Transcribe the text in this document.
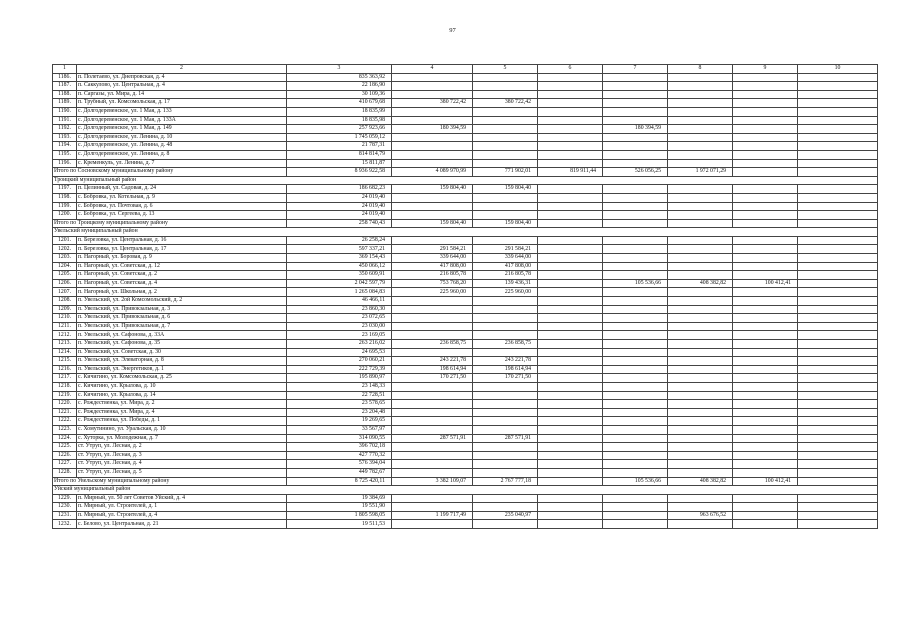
97
1	2	3	4	5	6	7	8	9	10
1186.	п. Полетаево, ул. Днепровская, д. 4	835 363,92							
1187.	п. Саккулово, ул. Центральная, д. 4	22 186,90							
1188.	п. Саргазы, ул. Мира, д. 14	30 109,36							
1189.	п. Трубный, ул. Комсомольская, д. 17	410 679,68	380 722,42	380 722,42					
1190.	с. Долгодеревенское, ул. 1 Мая, д. 133	18 835,99							
1191.	с. Долгодеревенское, ул. 1 Мая, д. 133А	18 835,98							
1192.	с. Долгодеревенское, ул. 1 Мая, д. 149	257 923,66	180 394,59			180 394,59			
1193.	с. Долгодеревенское, ул. Ленина, д. 10	1 745 059,12							
1194.	с. Долгодеревенское, ул. Ленина, д. 48	21 787,31							
1195.	с. Долгодеревенское, ул. Ленина, д. 8	814 814,79							
1196.	с. Кременкуль, ул. Ленина, д. 7	15 811,87							
Итого по Сосновскому муниципальному району		8 936 922,58	4 089 970,99	771 902,01	819 911,44	526 056,25	1 972 071,29		
Троицкий муниципальный район									
1197.	п. Целинный, ул. Садовая, д. 24	186 682,23	159 804,40	159 804,40					
1198.	с. Бобровка, ул. Котельная, д. 9	24 019,40							
1199.	с. Бобровка, ул. Почтовая, д. 6	24 019,40							
1200.	с. Бобровка, ул. Сергеева, д. 13	24 019,40							
Итого по Троицкому муниципальному району		258 740,43	159 804,40	159 804,40					
Увельский муниципальный район									
1201.	п. Березовка, ул. Центральная, д. 16	26 258,24							
1202.	п. Березовка, ул. Центральная, д. 17	597 337,21	291 584,21	291 584,21					
1203.	п. Нагорный, ул. Боровая, д. 9	369 154,43	339 644,00	339 644,00					
1204.	п. Нагорный, ул. Советская, д. 12	450 066,12	417 808,00	417 808,00					
1205.	п. Нагорный, ул. Советская, д. 2	350 609,91	216 805,78	216 805,78					
1206.	п. Нагорный, ул. Советская, д. 4	2 042 597,79	753 768,20	139 436,31		105 536,66	408 382,82	100 412,41	
1207.	п. Нагорный, ул. Школьная, д. 2	1 265 084,83	225 960,00	225 960,00					
1208.	п. Увельский, ул. 2ой Комсомольский, д. 2	46 466,11							
1209.	п. Увельский, ул. Привокзальная, д. 3	23 860,30							
1210.	п. Увельский, ул. Привокзальная, д. 6	23 072,65							
1211.	п. Увельский, ул. Привокзальная, д. 7	23 030,00							
1212.	п. Увельский, ул. Сафонова, д. 33А	23 169,05							
1213.	п. Увельский, ул. Сафонова, д. 35	263 216,02	236 858,75	236 858,75					
1214.	п. Увельский, ул. Советская, д. 30	24 695,53							
1215.	п. Увельский, ул. Элеваторная, д. 8	270 060,21	243 221,78	243 221,78					
1216.	п. Увельский, ул. Энергетиков, д. 1	222 729,39	198 614,94	198 614,94					
1217.	с. Кичигино, ул. Комсомольская, д. 25	195 890,97	170 271,50	170 271,50					
1218.	с. Кичигино, ул. Крылова, д. 10	23 148,33							
1219.	с. Кичигино, ул. Крылова, д. 14	22 728,51							
1220.	с. Рождественка, ул. Мира, д. 2	23 578,65							
1221.	с. Рождественка, ул. Мира, д. 4	23 204,48							
1222.	с. Рождественка, ул. Победы, д. 1	19 269,65							
1223.	с. Хомутинино, ул. Уральская, д. 10	33 567,97							
1224.	с. Хуторка, ул. Молодежная, д. 7	314 090,55	287 571,91	287 571,91					
1225.	ст. Утруп, ул. Лесная, д. 2	396 702,18							
1226.	ст. Утруп, ул. Лесная, д. 3	427 770,32							
1227.	ст. Утруп, ул. Лесная, д. 4	576 394,04							
1228.	ст. Утруп, ул. Лесная, д. 5	449 782,67							
Итого по Увельскому муниципальному району		8 725 420,11	3 382 109,07	2 767 777,18		105 536,66	408 382,82	100 412,41	
Уйский муниципальный район									
1229.	п. Мирный, ул. 50 лет Советов Уйский, д. 4	19 384,69							
1230.	п. Мирный, ул. Строителей, д. 1	19 551,90							
1231.	п. Мирный, ул. Строителей, д. 4	1 805 598,05	1 199 717,49	235 040,97			963 676,52		
1232.	с. Белово, ул. Центральная, д. 21	19 511,53							
